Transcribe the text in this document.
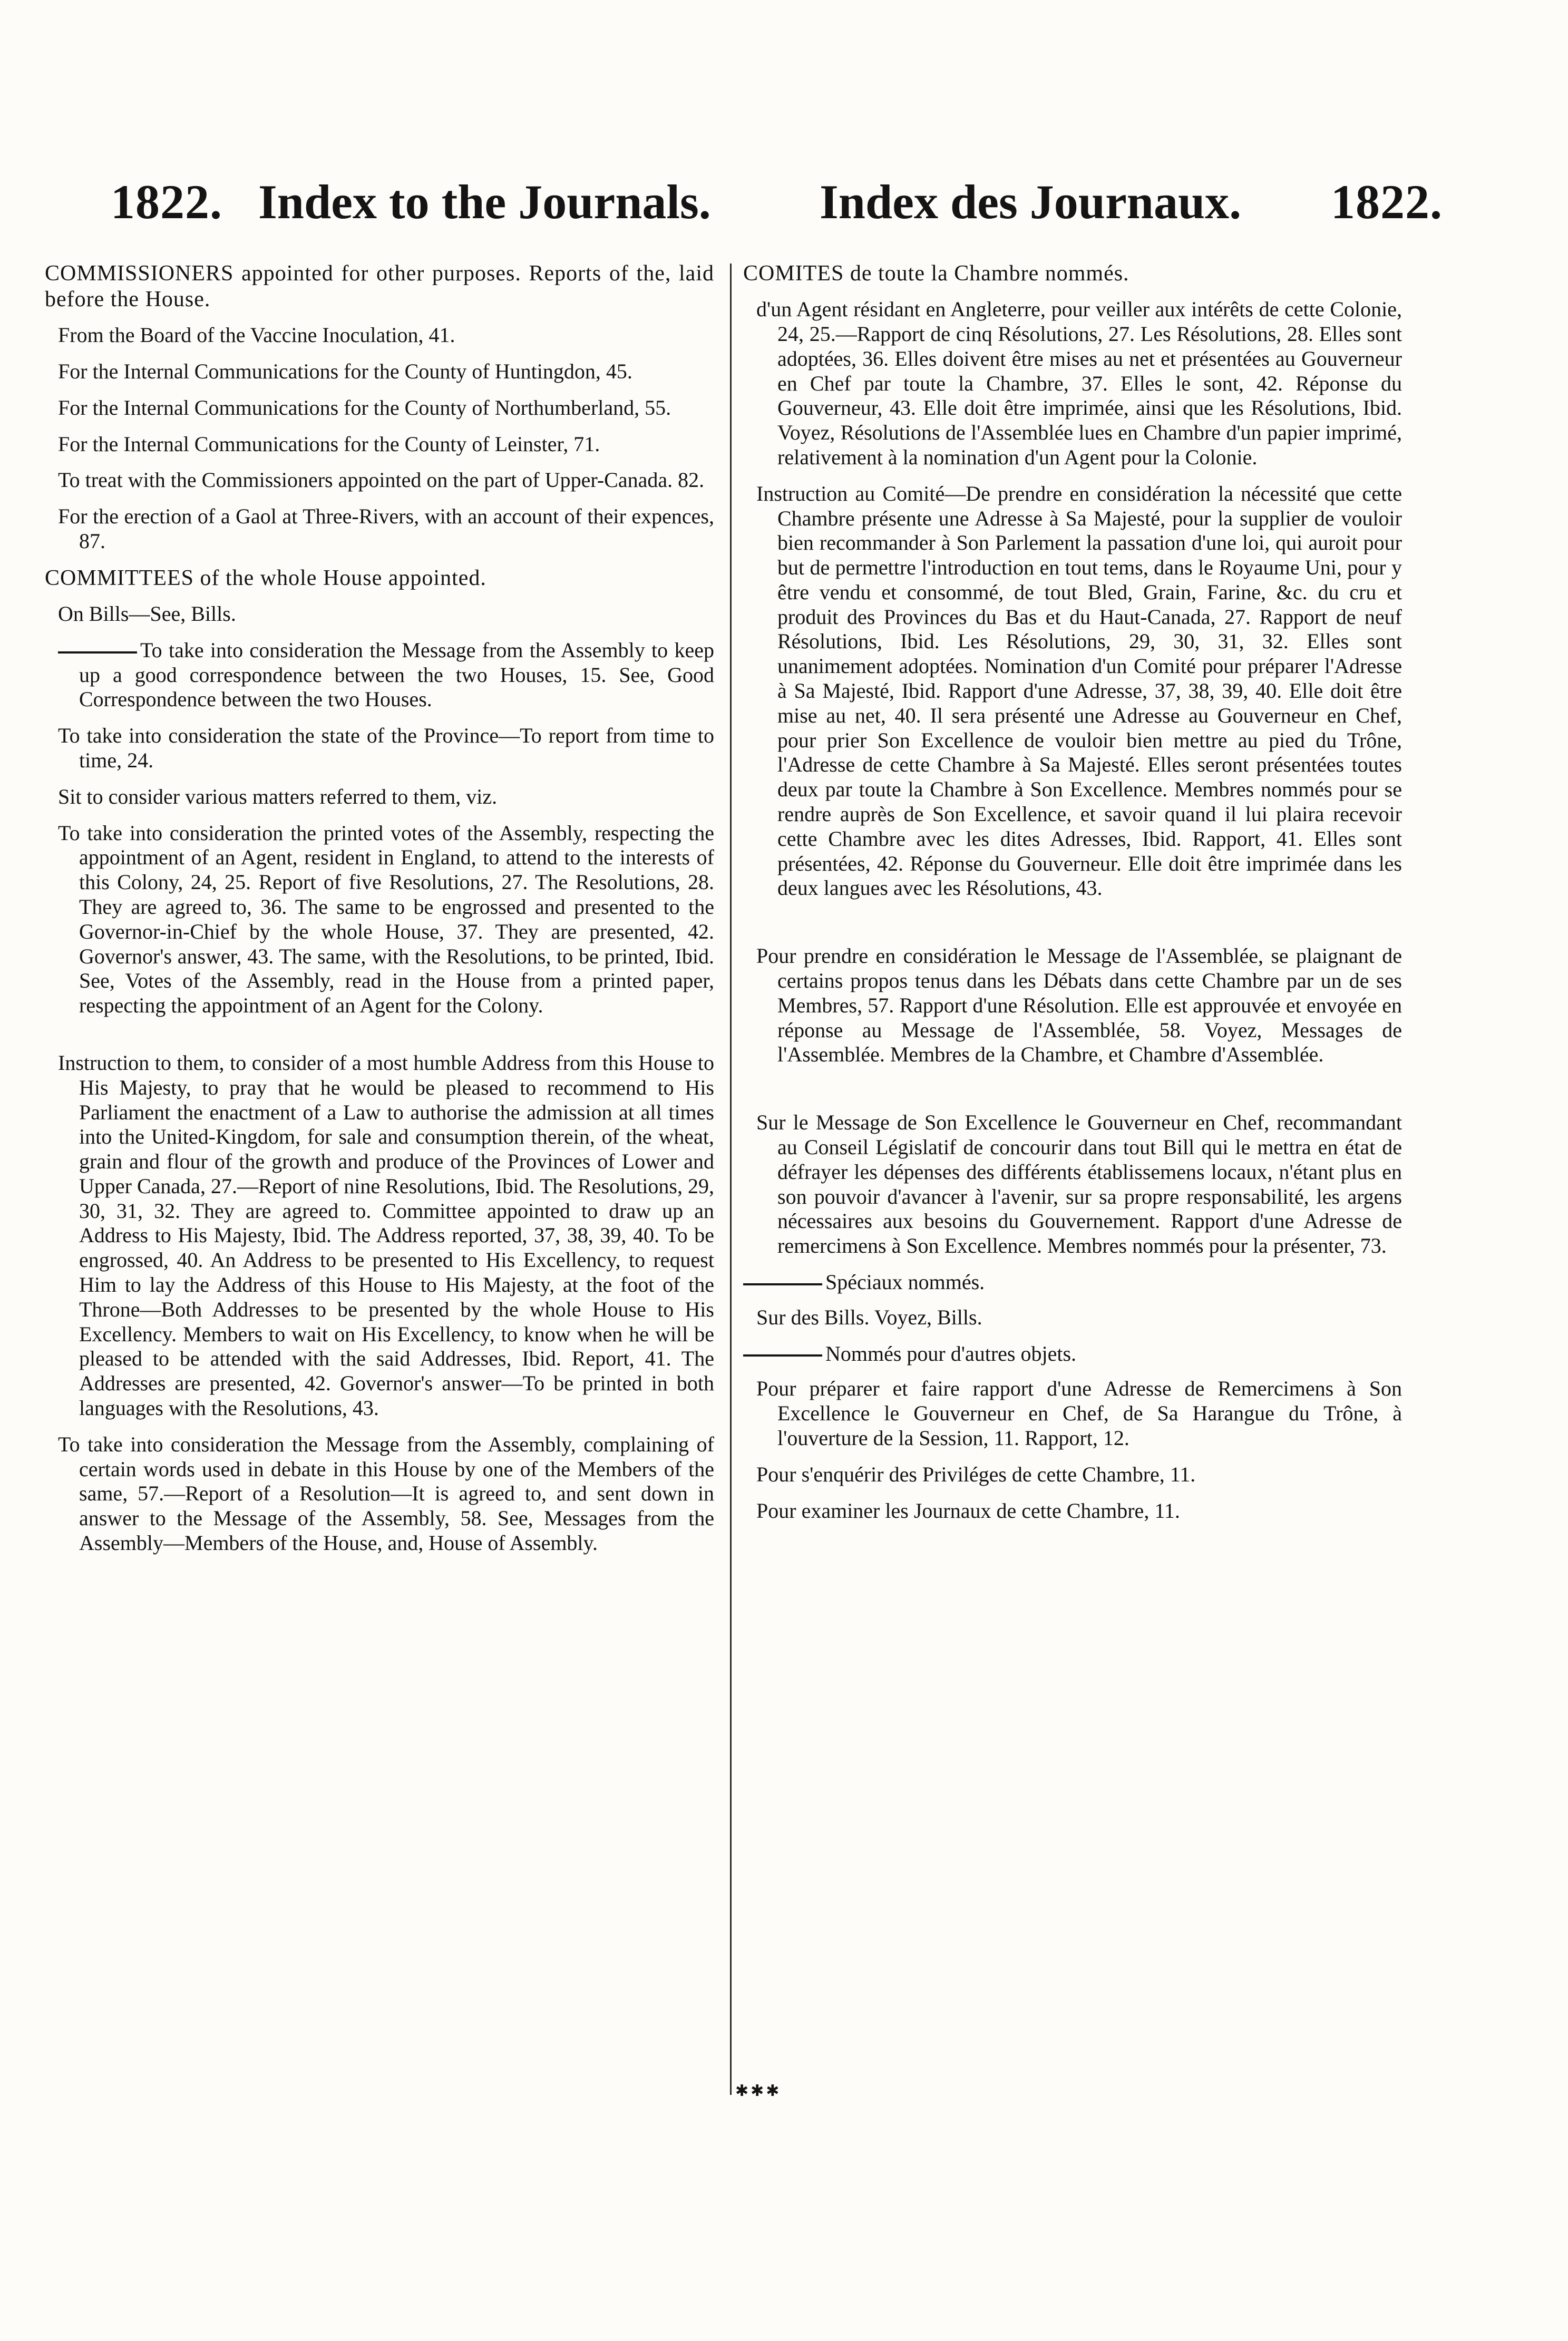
1822. Index to the Journals. Index des Journaux. 1822.

COMMISSIONERS appointed for other purposes. Reports of the, laid before the House.

From the Board of the Vaccine Inoculation, 41.

For the Internal Communications for the County of Huntingdon, 45.

For the Internal Communications for the County of Northumberland, 55.

For the Internal Communications for the County of Leinster, 71.

To treat with the Commissioners appointed on the part of Upper-Canada. 82.

For the erection of a Gaol at Three-Rivers, with an account of their expences, 87.

COMMITTEES of the whole House appointed.

On Bills—See, Bills.

To take into consideration the Message from the Assembly to keep up a good correspondence between the two Houses, 15. See, Good Correspondence between the two Houses.

To take into consideration the state of the Province—To report from time to time, 24.

Sit to consider various matters referred to them, viz.

To take into consideration the printed votes of the Assembly, respecting the appointment of an Agent, resident in England, to attend to the interests of this Colony, 24, 25. Report of five Resolutions, 27. The Resolutions, 28. They are agreed to, 36. The same to be engrossed and presented to the Governor-in-Chief by the whole House, 37. They are presented, 42. Governor's answer, 43. The same, with the Resolutions, to be printed, Ibid. See, Votes of the Assembly, read in the House from a printed paper, respecting the appointment of an Agent for the Colony.

Instruction to them, to consider of a most humble Address from this House to His Majesty, to pray that he would be pleased to recommend to His Parliament the enactment of a Law to authorise the admission at all times into the United-Kingdom, for sale and consumption therein, of the wheat, grain and flour of the growth and produce of the Provinces of Lower and Upper Canada, 27.—Report of nine Resolutions, Ibid. The Resolutions, 29, 30, 31, 32. They are agreed to. Committee appointed to draw up an Address to His Majesty, Ibid. The Address reported, 37, 38, 39, 40. To be engrossed, 40. An Address to be presented to His Excellency, to request Him to lay the Address of this House to His Majesty, at the foot of the Throne—Both Addresses to be presented by the whole House to His Excellency. Members to wait on His Excellency, to know when he will be pleased to be attended with the said Addresses, Ibid. Report, 41. The Addresses are presented, 42. Governor's answer—To be printed in both languages with the Resolutions, 43.

To take into consideration the Message from the Assembly, complaining of certain words used in debate in this House by one of the Members of the same, 57.—Report of a Resolution—It is agreed to, and sent down in answer to the Message of the Assembly, 58. See, Messages from the Assembly—Members of the House, and, House of Assembly.

COMITES de toute la Chambre nommés.

d'un Agent résidant en Angleterre, pour veiller aux intérêts de cette Colonie, 24, 25.—Rapport de cinq Résolutions, 27. Les Résolutions, 28. Elles sont adoptées, 36. Elles doivent être mises au net et présentées au Gouverneur en Chef par toute la Chambre, 37. Elles le sont, 42. Réponse du Gouverneur, 43. Elle doit être imprimée, ainsi que les Résolutions, Ibid. Voyez, Résolutions de l'Assemblée lues en Chambre d'un papier imprimé, relativement à la nomination d'un Agent pour la Colonie.

Instruction au Comité—De prendre en considération la nécessité que cette Chambre présente une Adresse à Sa Majesté, pour la supplier de vouloir bien recommander à Son Parlement la passation d'une loi, qui auroit pour but de permettre l'introduction en tout tems, dans le Royaume Uni, pour y être vendu et consommé, de tout Bled, Grain, Farine, &c. du cru et produit des Provinces du Bas et du Haut-Canada, 27. Rapport de neuf Résolutions, Ibid. Les Résolutions, 29, 30, 31, 32. Elles sont unanimement adoptées. Nomination d'un Comité pour préparer l'Adresse à Sa Majesté, Ibid. Rapport d'une Adresse, 37, 38, 39, 40. Elle doit être mise au net, 40. Il sera présenté une Adresse au Gouverneur en Chef, pour prier Son Excellence de vouloir bien mettre au pied du Trône, l'Adresse de cette Chambre à Sa Majesté. Elles seront présentées toutes deux par toute la Chambre à Son Excellence. Membres nommés pour se rendre auprès de Son Excellence, et savoir quand il lui plaira recevoir cette Chambre avec les dites Adresses, Ibid. Rapport, 41. Elles sont présentées, 42. Réponse du Gouverneur. Elle doit être imprimée dans les deux langues avec les Résolutions, 43.

Pour prendre en considération le Message de l'Assemblée, se plaignant de certains propos tenus dans les Débats dans cette Chambre par un de ses Membres, 57. Rapport d'une Résolution. Elle est approuvée et envoyée en réponse au Message de l'Assemblée, 58. Voyez, Messages de l'Assemblée. Membres de la Chambre, et Chambre d'Assemblée.

Sur le Message de Son Excellence le Gouverneur en Chef, recommandant au Conseil Législatif de concourir dans tout Bill qui le mettra en état de défrayer les dépenses des différents établissemens locaux, n'étant plus en son pouvoir d'avancer à l'avenir, sur sa propre responsabilité, les argens nécessaires aux besoins du Gouvernement. Rapport d'une Adresse de remercimens à Son Excellence. Membres nommés pour la présenter, 73.

Spéciaux nommés.

Sur des Bills. Voyez, Bills.

Nommés pour d'autres objets.

Pour préparer et faire rapport d'une Adresse de Remercimens à Son Excellence le Gouverneur en Chef, de Sa Harangue du Trône, à l'ouverture de la Session, 11. Rapport, 12.

Pour s'enquérir des Priviléges de cette Chambre, 11.

Pour examiner les Journaux de cette Chambre, 11.

✱✱✱
